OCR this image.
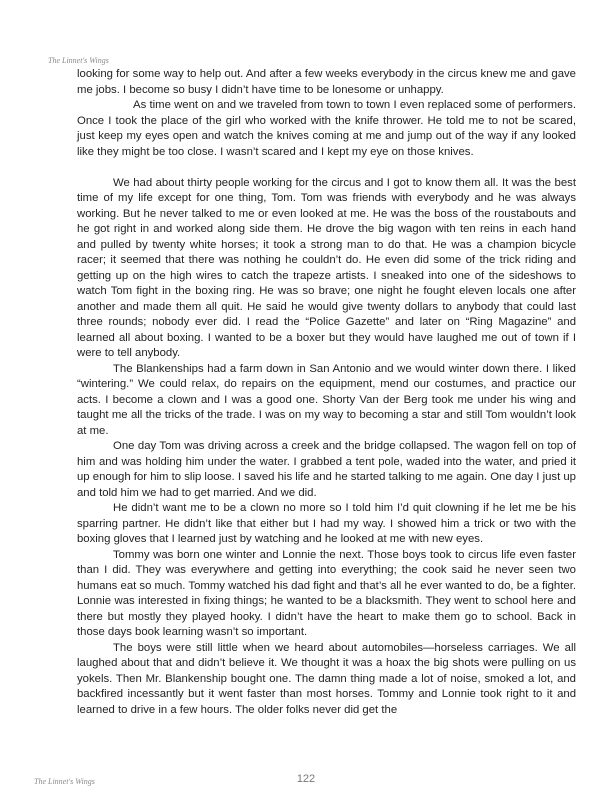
The Linnet's Wings

looking for some way to help out. And after a few weeks everybody in the circus knew me and gave me jobs. I become so busy I didn’t have time to be lonesome or unhappy.

As time went on and we traveled from town to town I even replaced some of performers. Once I took the place of the girl who worked with the knife thrower. He told me to not be scared, just keep my eyes open and watch the knives coming at me and jump out of the way if any looked like they might be too close. I wasn’t scared and I kept my eye on those knives.

We had about thirty people working for the circus and I got to know them all. It was the best time of my life except for one thing, Tom. Tom was friends with everybody and he was always working. But he never talked to me or even looked at me. He was the boss of the roustabouts and he got right in and worked along side them. He drove the big wagon with ten reins in each hand and pulled by twenty white horses; it took a strong man to do that. He was a champion bicycle racer; it seemed that there was nothing he couldn’t do. He even did some of the trick riding and getting up on the high wires to catch the trapeze artists. I sneaked into one of the sideshows to watch Tom fight in the boxing ring. He was so brave; one night he fought eleven locals one after another and made them all quit. He said he would give twenty dollars to anybody that could last three rounds; nobody ever did. I read the “Police Gazette” and later on “Ring Magazine” and learned all about boxing. I wanted to be a boxer but they would have laughed me out of town if I were to tell anybody.

The Blankenships had a farm down in San Antonio and we would winter down there. I liked “wintering.” We could relax, do repairs on the equipment, mend our costumes, and practice our acts. I become a clown and I was a good one. Shorty Van der Berg took me under his wing and taught me all the tricks of the trade. I was on my way to becoming a star and still Tom wouldn’t look at me.

One day Tom was driving across a creek and the bridge collapsed. The wagon fell on top of him and was holding him under the water. I grabbed a tent pole, waded into the water, and pried it up enough for him to slip loose. I saved his life and he started talking to me again. One day I just up and told him we had to get married. And we did.

He didn’t want me to be a clown no more so I told him I’d quit clowning if he let me be his sparring partner. He didn’t like that either but I had my way. I showed him a trick or two with the boxing gloves that I learned just by watching and he looked at me with new eyes.

Tommy was born one winter and Lonnie the next. Those boys took to circus life even faster than I did. They was everywhere and getting into everything; the cook said he never seen two humans eat so much. Tommy watched his dad fight and that’s all he ever wanted to do, be a fighter. Lonnie was interested in fixing things; he wanted to be a blacksmith. They went to school here and there but mostly they played hooky. I didn’t have the heart to make them go to school. Back in those days book learning wasn’t so important.

The boys were still little when we heard about automobiles—horseless carriages. We all laughed about that and didn’t believe it. We thought it was a hoax the big shots were pulling on us yokels. Then Mr. Blankenship bought one. The damn thing made a lot of noise, smoked a lot, and backfired incessantly but it went faster than most horses. Tommy and Lonnie took right to it and learned to drive in a few hours. The older folks never did get the

The Linnet's Wings	122
